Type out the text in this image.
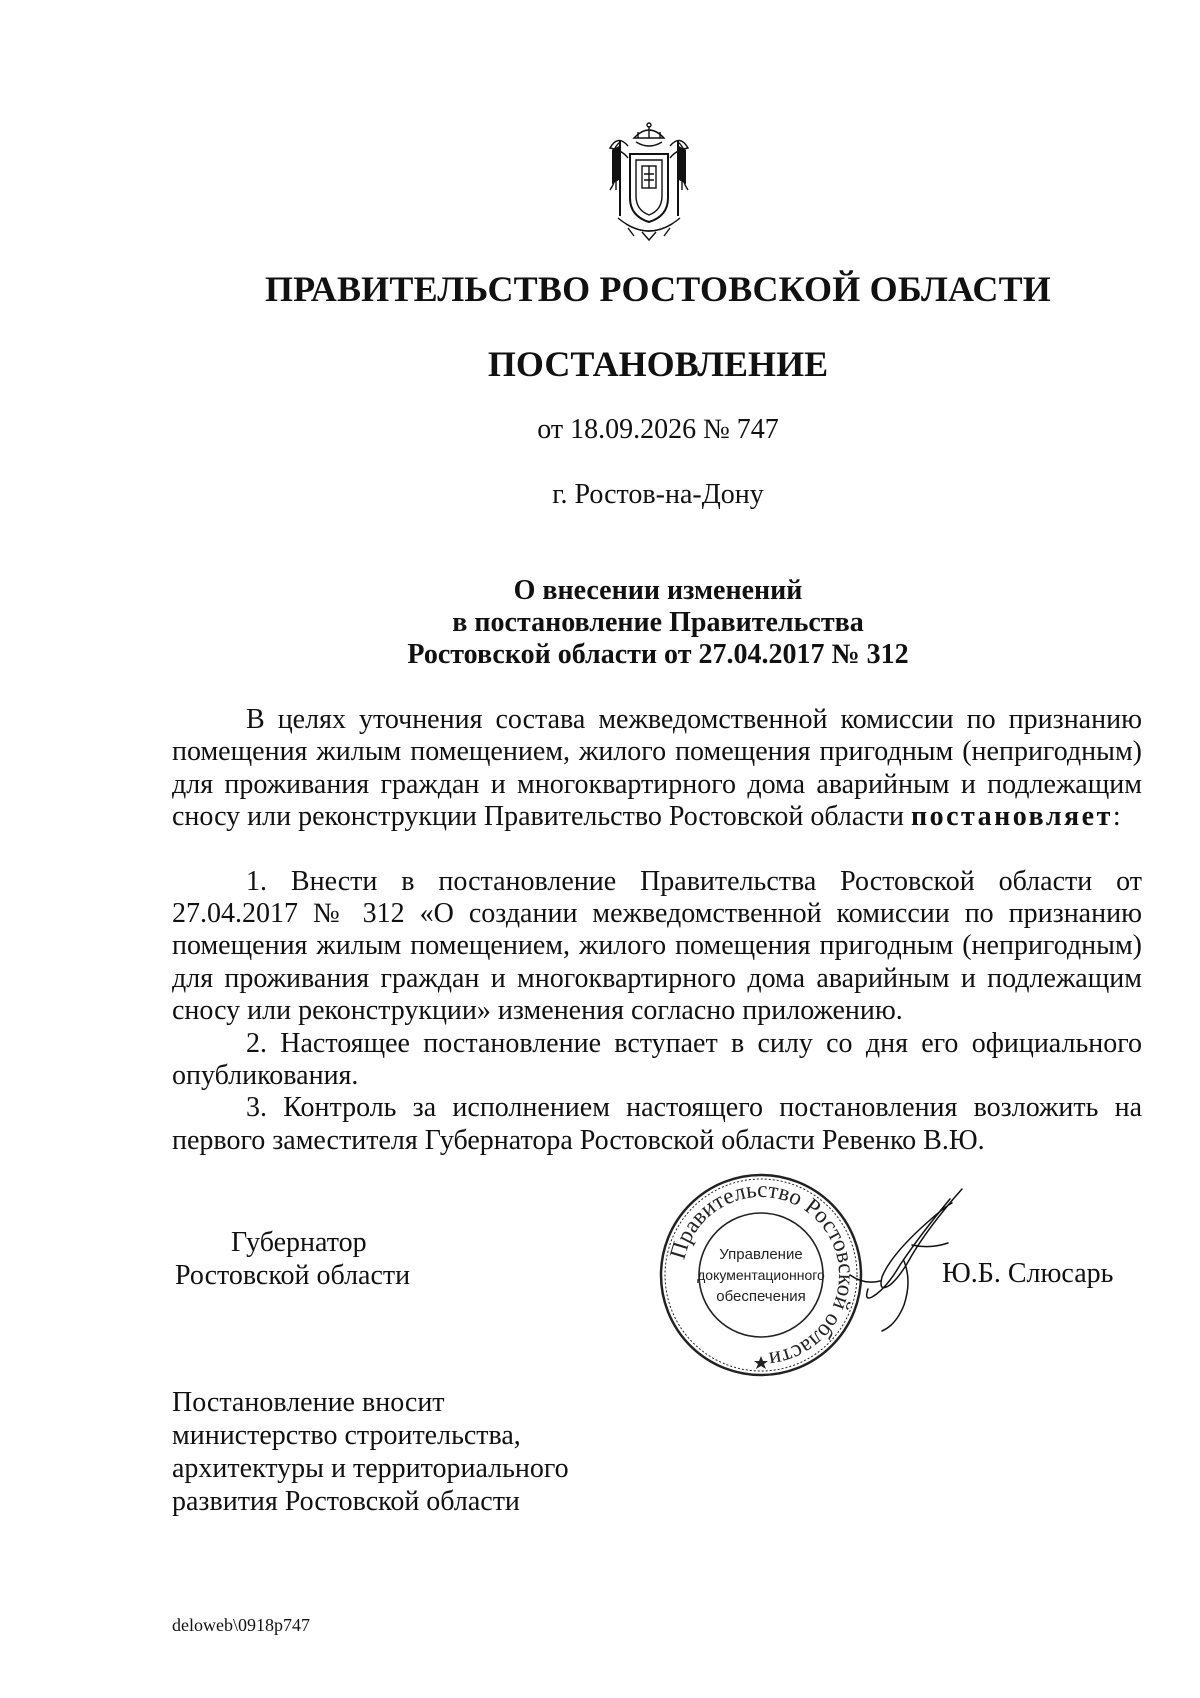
ПРАВИТЕЛЬСТВО РОСТОВСКОЙ ОБЛАСТИ
ПОСТАНОВЛЕНИЕ
от 18.09.2026 № 747
г. Ростов-на-Дону
О внесении изменений
в постановление Правительства
Ростовской области от 27.04.2017 № 312

В целях уточнения состава межведомственной комиссии по признанию помещения жилым помещением, жилого помещения пригодным (непригодным) для проживания граждан и многоквартирного дома аварийным и подлежащим сносу или реконструкции Правительство Ростовской области постановляет:

1. Внести в постановление Правительства Ростовской области от 27.04.2017 № 312 «О создании межведомственной комиссии по признанию помещения жилым помещением, жилого помещения пригодным (непригодным) для проживания граждан и многоквартирного дома аварийным и подлежащим сносу или реконструкции» изменения согласно приложению.

2. Настоящее постановление вступает в силу со дня его официального опубликования.

3. Контроль за исполнением настоящего постановления возложить на первого заместителя Губернатора Ростовской области Ревенко В.Ю.

Губернатор
Ростовской области
Правительство Ростовской области
Управление
документационного
обеспечения
Ю.Б. Слюсарь
Постановление вносит
министерство строительства,
архитектуры и территориального
развития Ростовской области
deloweb\0918p747
